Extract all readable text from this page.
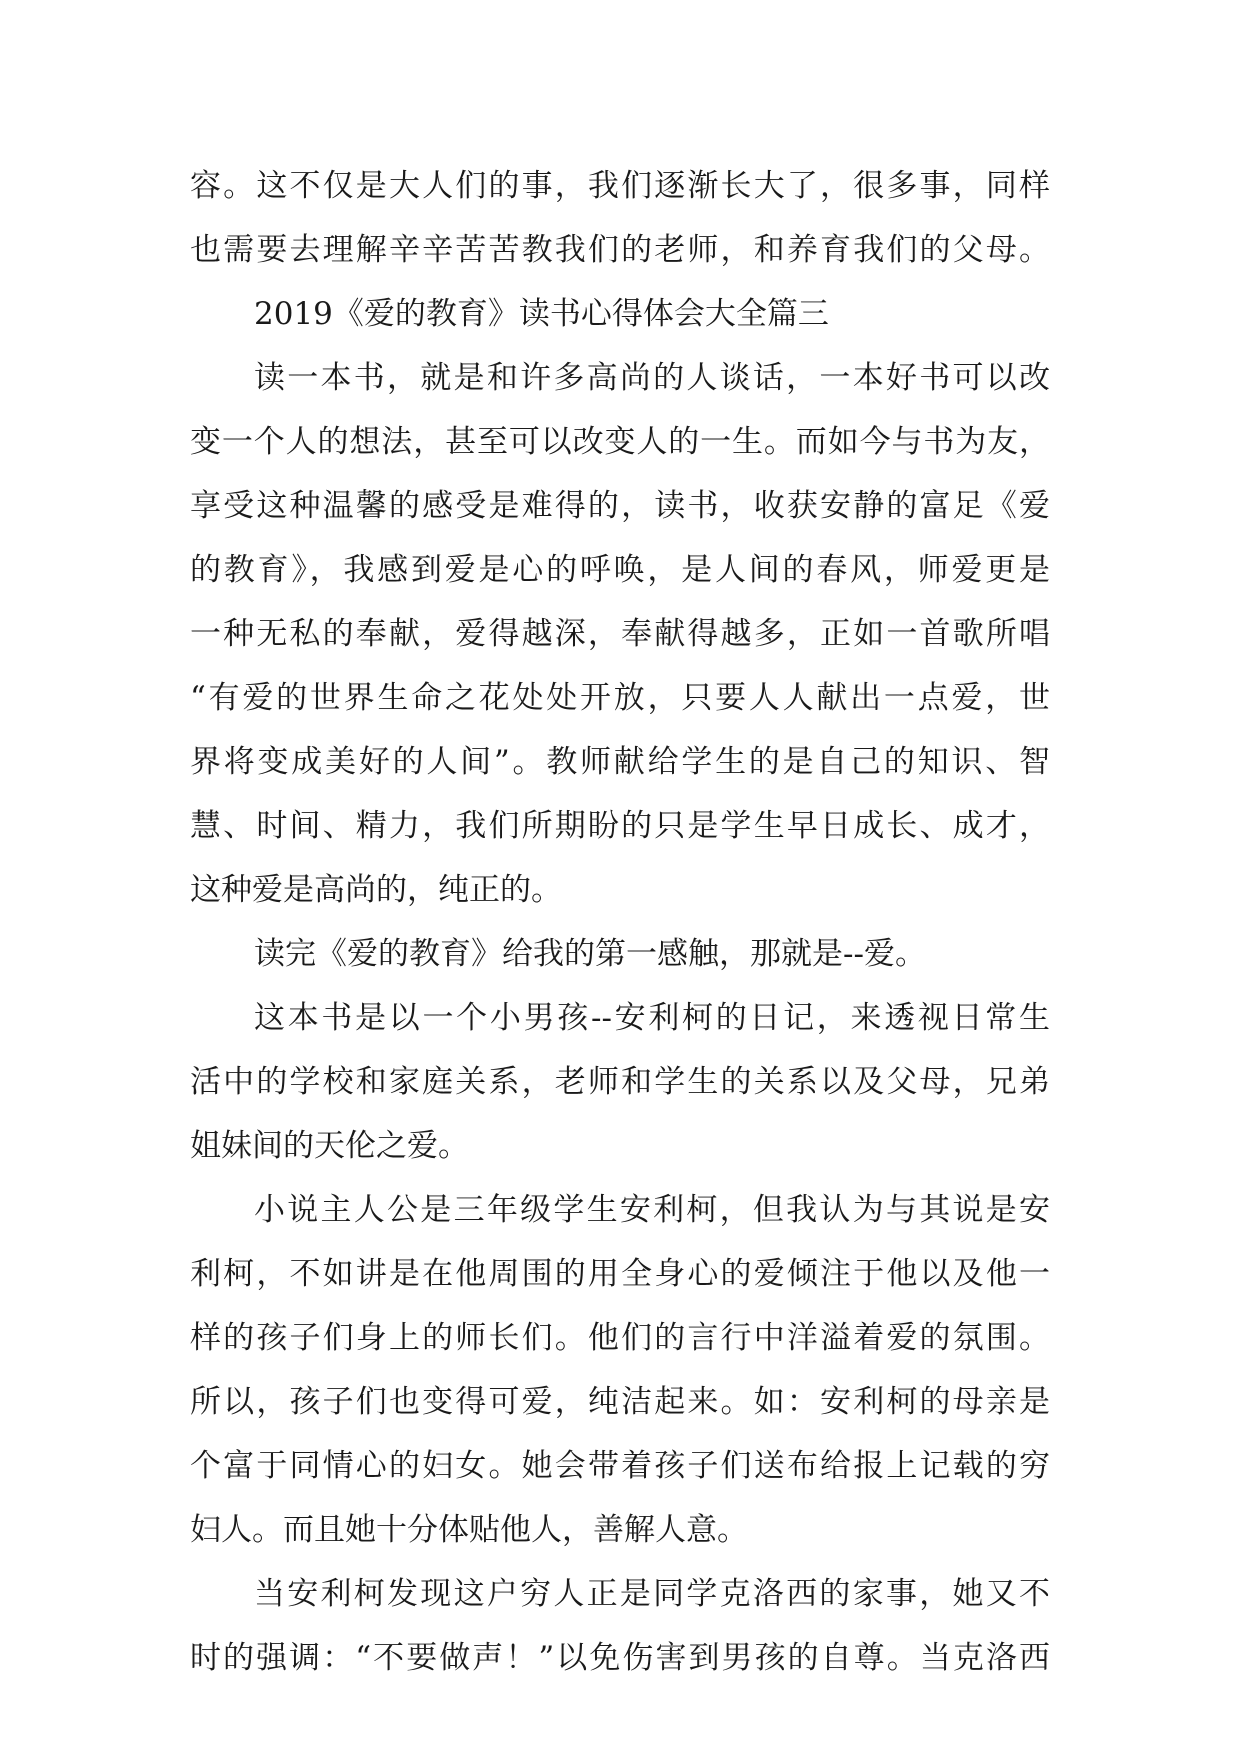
容。这不仅是大人们的事，我们逐渐长大了，很多事，同样
也需要去理解辛辛苦苦教我们的老师，和养育我们的父母。
2019《爱的教育》读书心得体会大全篇三
读一本书，就是和许多高尚的人谈话，一本好书可以改
变一个人的想法，甚至可以改变人的一生。而如今与书为友，
享受这种温馨的感受是难得的，读书，收获安静的富足《爱
的教育》，我感到爱是心的呼唤，是人间的春风，师爱更是
一种无私的奉献，爱得越深，奉献得越多，正如一首歌所唱
“有爱的世界生命之花处处开放，只要人人献出一点爱，世
界将变成美好的人间”。教师献给学生的是自己的知识、智
慧、时间、精力，我们所期盼的只是学生早日成长、成才，
这种爱是高尚的，纯正的。
读完《爱的教育》给我的第一感触，那就是--爱。
这本书是以一个小男孩--安利柯的日记，来透视日常生
活中的学校和家庭关系，老师和学生的关系以及父母，兄弟
姐妹间的天伦之爱。
小说主人公是三年级学生安利柯，但我认为与其说是安
利柯，不如讲是在他周围的用全身心的爱倾注于他以及他一
样的孩子们身上的师长们。他们的言行中洋溢着爱的氛围。
所以，孩子们也变得可爱，纯洁起来。如：安利柯的母亲是
个富于同情心的妇女。她会带着孩子们送布给报上记载的穷
妇人。而且她十分体贴他人，善解人意。
当安利柯发现这户穷人正是同学克洛西的家事，她又不
时的强调：“不要做声！”以免伤害到男孩的自尊。当克洛西
